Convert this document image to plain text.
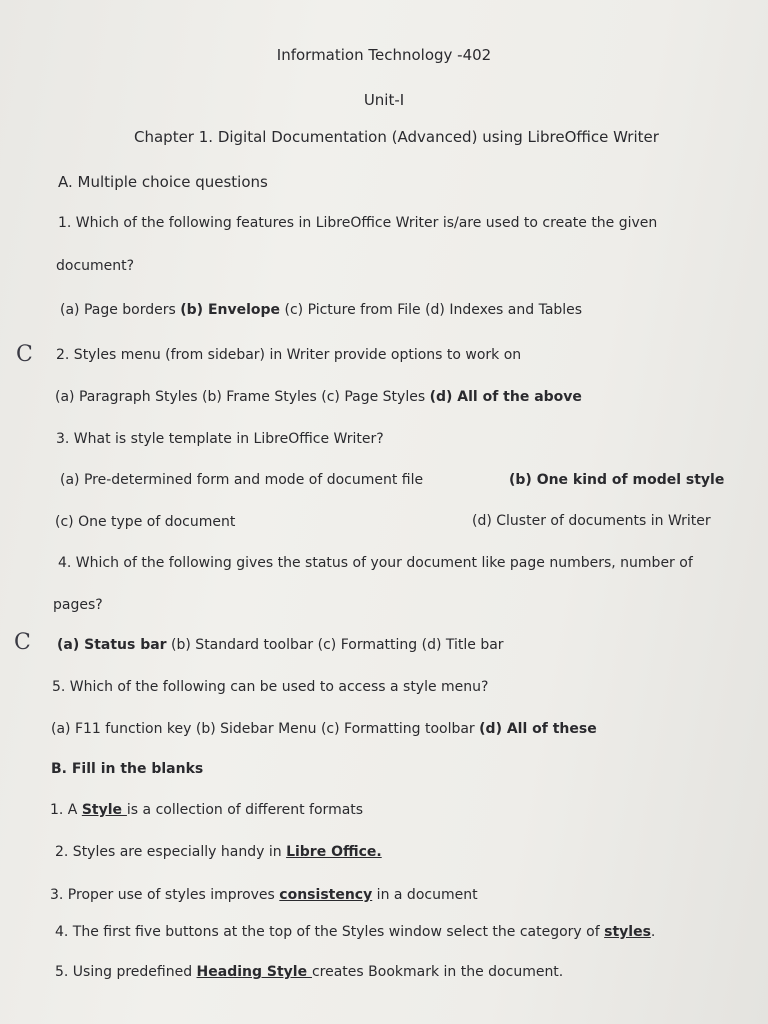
Information Technology -402
Unit-I
Chapter 1. Digital Documentation (Advanced) using LibreOffice Writer
A. Multiple choice questions
1. Which of the following features in LibreOffice Writer is/are used to create the given
document?
(a) Page borders (b) Envelope (c) Picture from File (d) Indexes and Tables
C 2. Styles menu (from sidebar) in Writer provide options to work on
(a) Paragraph Styles (b) Frame Styles (c) Page Styles (d) All of the above
3. What is style template in LibreOffice Writer?
(a) Pre-determined form and mode of document file	(b) One kind of model style
(c) One type of document	(d) Cluster of documents in Writer
4. Which of the following gives the status of your document like page numbers, number of
pages?
C (a) Status bar (b) Standard toolbar (c) Formatting (d) Title bar
5. Which of the following can be used to access a style menu?
(a) F11 function key (b) Sidebar Menu (c) Formatting toolbar (d) All of these
B. Fill in the blanks
1. A Style is a collection of different formats
2. Styles are especially handy in Libre Office.
3. Proper use of styles improves consistency in a document
4. The first five buttons at the top of the Styles window select the category of styles.
5. Using predefined Heading Style creates Bookmark in the document.
